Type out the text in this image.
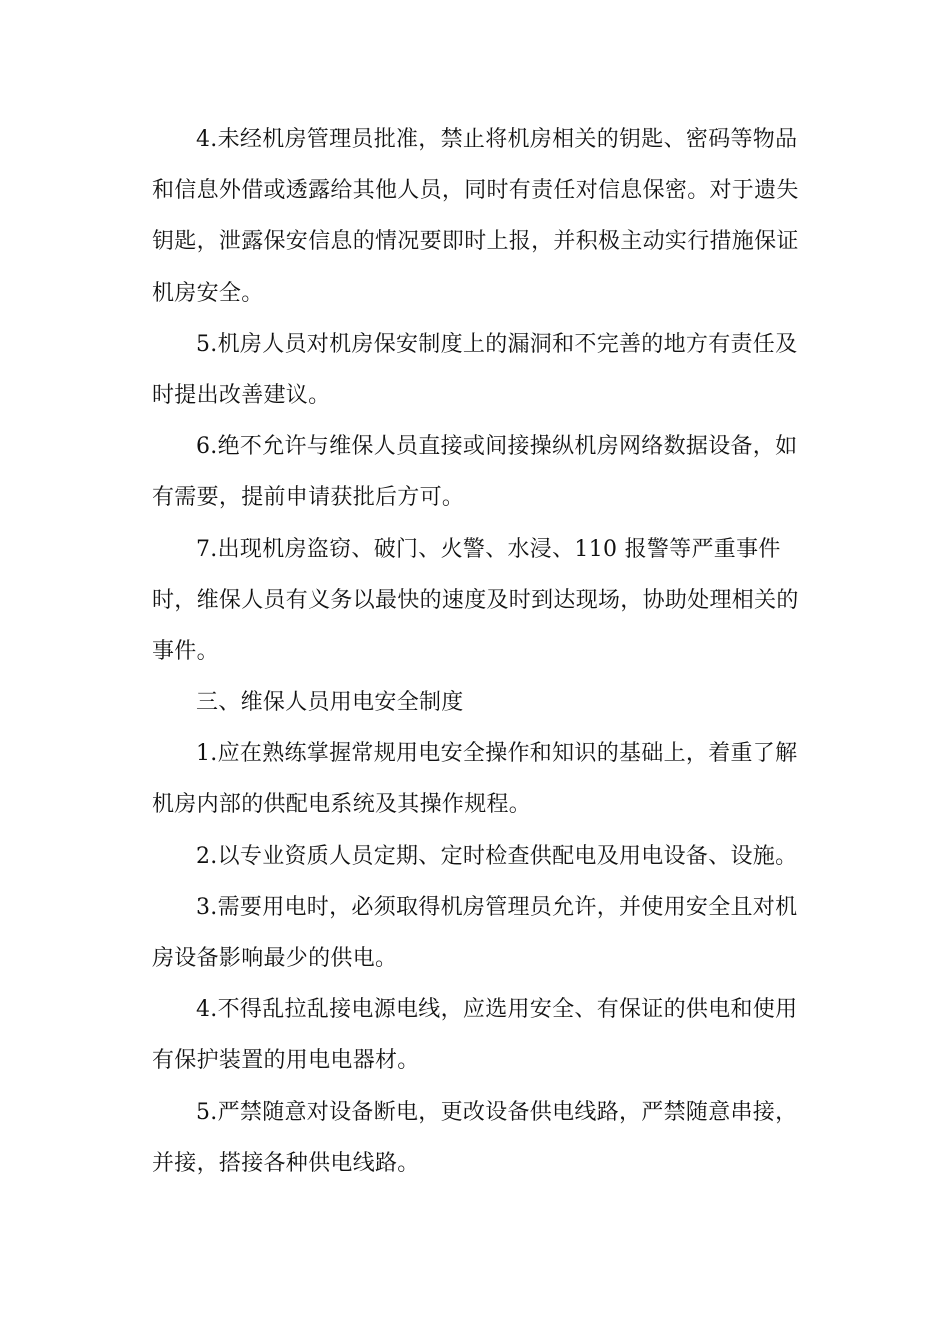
4.未经机房管理员批准，禁止将机房相关的钥匙、密码等物品
和信息外借或透露给其他人员，同时有责任对信息保密。对于遗失
钥匙，泄露保安信息的情况要即时上报，并积极主动实行措施保证
机房安全。
5.机房人员对机房保安制度上的漏洞和不完善的地方有责任及
时提出改善建议。
6.绝不允许与维保人员直接或间接操纵机房网络数据设备，如
有需要，提前申请获批后方可。
7.出现机房盗窃、破门、火警、水浸、110 报警等严重事件
时，维保人员有义务以最快的速度及时到达现场，协助处理相关的
事件。
三、维保人员用电安全制度
1.应在熟练掌握常规用电安全操作和知识的基础上，着重了解
机房内部的供配电系统及其操作规程。
2.以专业资质人员定期、定时检查供配电及用电设备、设施。
3.需要用电时，必须取得机房管理员允许，并使用安全且对机
房设备影响最少的供电。
4.不得乱拉乱接电源电线，应选用安全、有保证的供电和使用
有保护装置的用电电器材。
5.严禁随意对设备断电，更改设备供电线路，严禁随意串接，
并接，搭接各种供电线路。
